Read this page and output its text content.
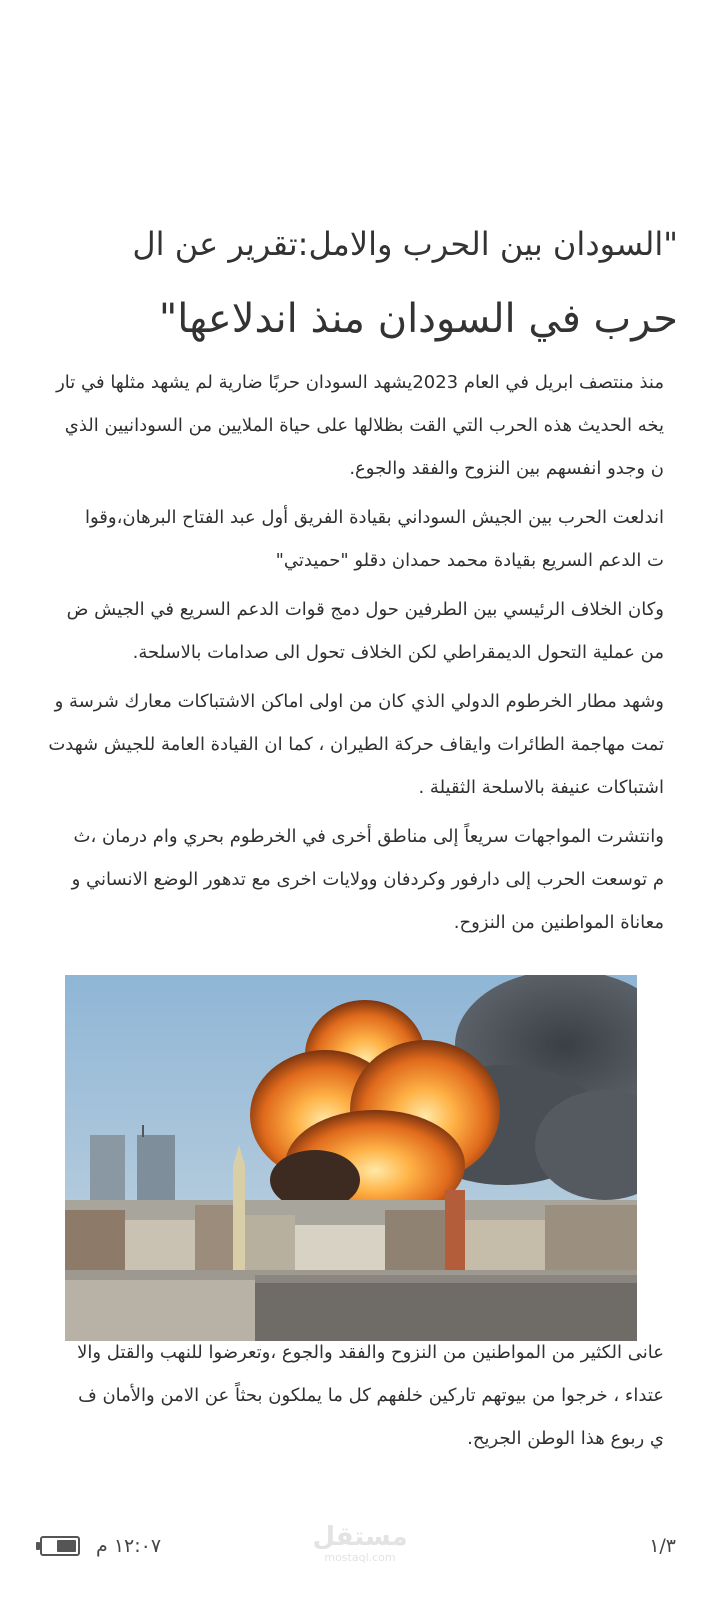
"السودان بين الحرب والامل:تقرير عن ال
حرب في السودان منذ اندلاعها"
منذ منتصف ابريل في العام 2023يشهد السودان حربًا ضارية لم يشهد مثلها في تار
يخه الحديث هذه الحرب التي القت بظلالها على حياة الملايين من السودانيين الذي
ن وجدو انفسهم بين النزوح والفقد والجوع.
اندلعت الحرب بين الجيش السوداني بقيادة الفريق أول عبد الفتاح البرهان،وقوا
ت الدعم السريع بقيادة محمد حمدان دقلو "حميدتي"
وكان الخلاف الرئيسي بين الطرفين حول دمج قوات الدعم السريع في الجيش ض
من عملية التحول الديمقراطي لكن الخلاف تحول الى صدامات بالاسلحة.
وشهد مطار الخرطوم الدولي الذي كان من اولى اماكن الاشتباكات معارك شرسة و
تمت مهاجمة الطائرات وايقاف حركة الطيران ، كما ان القيادة العامة للجيش شهدت
اشتباكات عنيفة بالاسلحة الثقيلة .
وانتشرت المواجهات سريعاً إلى مناطق أخرى في الخرطوم بحري وام درمان ،ث
م توسعت الحرب إلى دارفور وكردفان وولايات اخرى مع تدهور الوضع الانساني و
معاناة المواطنين من النزوح.
عانى الكثير من المواطنين من النزوح والفقد والجوع ،وتعرضوا للنهب والقتل والا
عتداء ، خرجوا من بيوتهم تاركين خلفهم كل ما يملكون بحثاً عن الامن والأمان ف
ي ربوع هذا الوطن الجريح.
١٢:٠٧ م	مستقل
mostaql.com
١/٣
